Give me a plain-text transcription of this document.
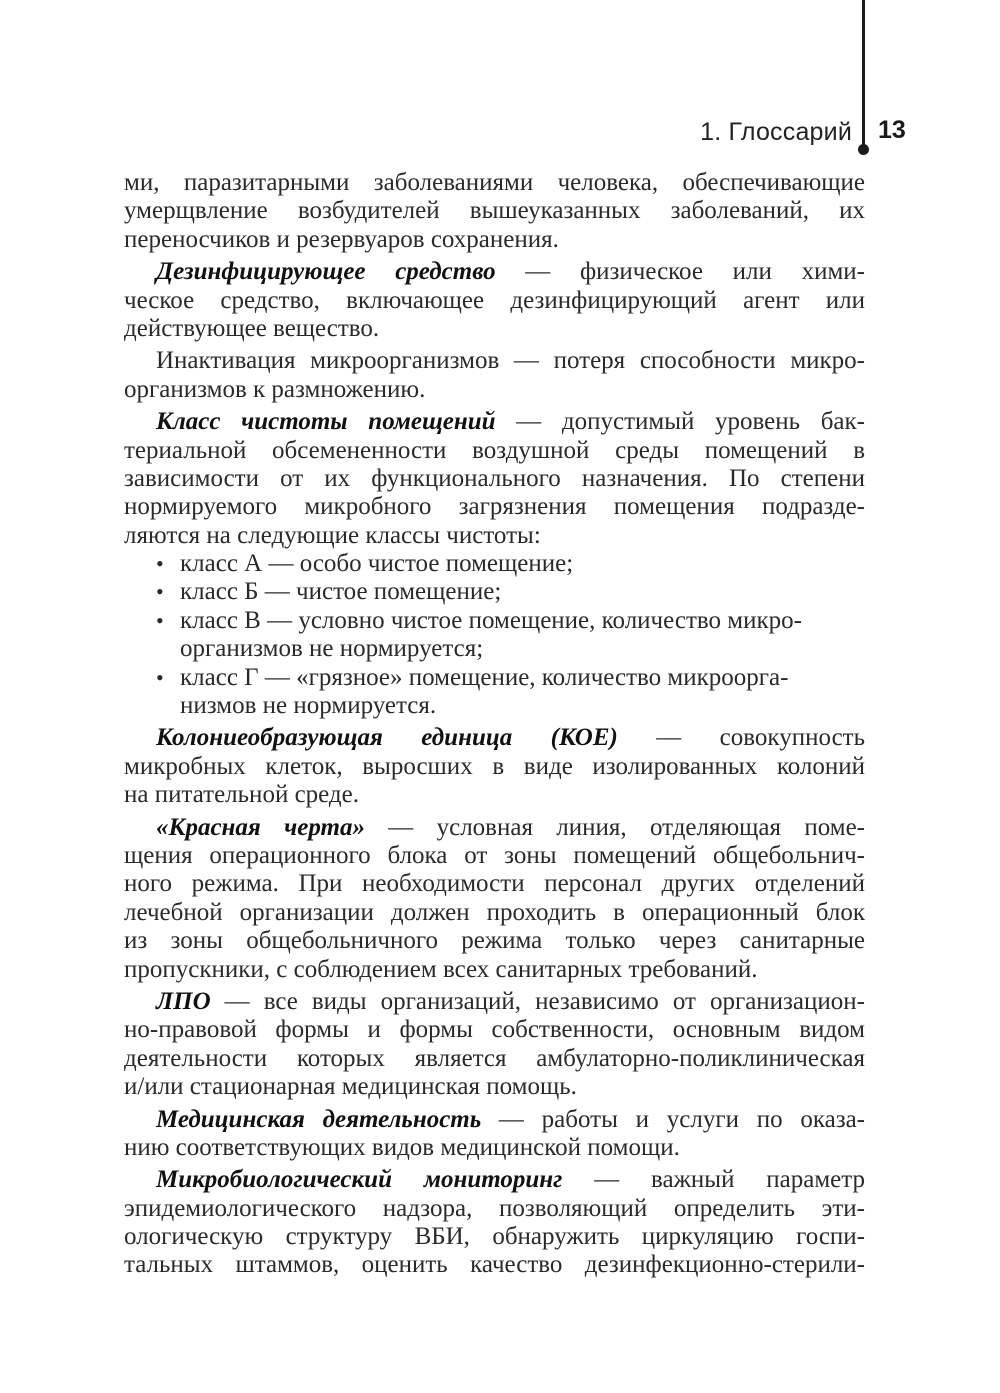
1. Глоссарий 13
ми, паразитарными заболеваниями человека, обеспечивающие
умерщвление возбудителей вышеуказанных заболеваний, их
переносчиков и резервуаров сохранения.
Дезинфицирующее средство — физическое или хими-
ческое средство, включающее дезинфицирующий агент или
действующее вещество.
Инактивация микроорганизмов — потеря способности микро-
организмов к размножению.
Класс чистоты помещений — допустимый уровень бак-
териальной обсемененности воздушной среды помещений в
зависимости от их функционального назначения. По степени
нормируемого микробного загрязнения помещения подразде-
ляются на следующие классы чистоты:
• класс А — особо чистое помещение;
• класс Б — чистое помещение;
• класс В — условно чистое помещение, количество микро-
организмов не нормируется;
• класс Г — «грязное» помещение, количество микроорга-
низмов не нормируется.
Колониеобразующая единица (КОЕ) — совокупность
микробных клеток, выросших в виде изолированных колоний
на питательной среде.
«Красная черта» — условная линия, отделяющая поме-
щения операционного блока от зоны помещений общебольнич-
ного режима. При необходимости персонал других отделений
лечебной организации должен проходить в операционный блок
из зоны общебольничного режима только через санитарные
пропускники, с соблюдением всех санитарных требований.
ЛПО — все виды организаций, независимо от организацион-
но-правовой формы и формы собственности, основным видом
деятельности которых является амбулаторно-поликлиническая
и/или стационарная медицинская помощь.
Медицинская деятельность — работы и услуги по оказа-
нию соответствующих видов медицинской помощи.
Микробиологический мониторинг — важный параметр
эпидемиологического надзора, позволяющий определить эти-
ологическую структуру ВБИ, обнаружить циркуляцию госпи-
тальных штаммов, оценить качество дезинфекционно-стерили-
